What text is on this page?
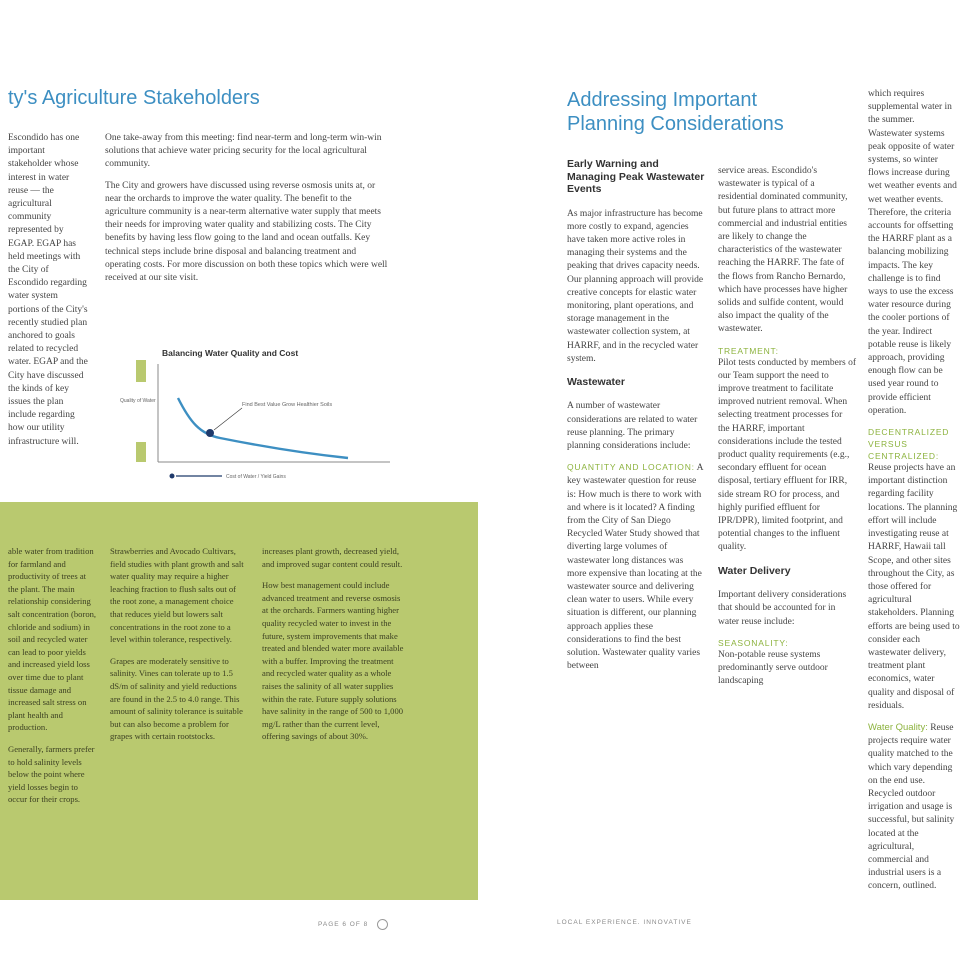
ty's Agriculture Stakeholders

Escondido has one important stakeholder whose interest in water reuse — the agricultural community represented by EGAP. EGAP has held meetings with the City of Escondido regarding water system portions of the City's recently studied plan anchored to goals related to recycled water. EGAP and the City have discussed the kinds of key issues the plan include regarding how our utility infrastructure will.

One take-away from this meeting: find near-term and long-term win-win solutions that achieve water pricing security for the local agricultural community.

The City and growers have discussed using reverse osmosis units at, or near the orchards to improve the water quality. The benefit to the agriculture community is a near-term alternative water supply that meets their needs for improving water quality and stabilizing costs. The City benefits by having less flow going to the land and ocean outfalls. Key technical steps include brine disposal and balancing treatment and operating costs. For more discussion on both these topics which were well received at our site visit.

Balancing Water Quality and Cost
Quality of Water
Find Best Value Grow Healthier Soils
Cost of Water / Yield Gains

able water from tradition for farmland and productivity of trees at the plant. The main relationship considering salt concentration (boron, chloride and sodium) in soil and recycled water can lead to poor yields and increased yield loss over time due to plant tissue damage and increased salt stress on plant health and production.

Generally, farmers prefer to hold salinity levels below the point where yield losses begin to occur for their crops.

Strawberries and Avocado Cultivars, field studies with plant growth and salt water quality may require a higher leaching fraction to flush salts out of the root zone, a management choice that reduces yield but lowers salt concentrations in the root zone to a level within tolerance, respectively.

Grapes are moderately sensitive to salinity. Vines can tolerate up to 1.5 dS/m of salinity and yield reductions are found in the 2.5 to 4.0 range. This amount of salinity tolerance is suitable but can also become a problem for grapes with certain rootstocks.

increases plant growth, decreased yield, and improved sugar content could result.

How best management could include advanced treatment and reverse osmosis at the orchards. Farmers wanting higher quality recycled water to invest in the future, system improvements that make treated and blended water more available with a buffer. Improving the treatment and recycled water quality as a whole raises the salinity of all water supplies within the rate. Future supply solutions have salinity in the range of 500 to 1,000 mg/L rather than the current level, offering savings of about 30%.

PAGE 6 OF 8
Addressing Important
Planning Considerations
Early Warning and Managing Peak Wastewater Events

As major infrastructure has become more costly to expand, agencies have taken more active roles in managing their systems and the peaking that drives capacity needs. Our planning approach will provide creative concepts for elastic water monitoring, plant operations, and storage management in the wastewater collection system, at HARRF, and in the recycled water system.

Wastewater

A number of wastewater considerations are related to water reuse planning. The primary planning considerations include:

QUANTITY AND LOCATION: A key wastewater question for reuse is: How much is there to work with and where is it located? A finding from the City of San Diego Recycled Water Study showed that diverting large volumes of wastewater long distances was more expensive than locating at the wastewater source and delivering clean water to users. While every situation is different, our planning approach applies these considerations to find the best solution. Wastewater quality varies between

service areas. Escondido's wastewater is typical of a residential dominated community, but future plans to attract more commercial and industrial entities are likely to change the characteristics of the wastewater reaching the HARRF. The fate of the flows from Rancho Bernardo, which have processes have higher solids and sulfide content, would also impact the quality of the wastewater.

TREATMENT:

Pilot tests conducted by members of our Team support the need to improve treatment to facilitate improved nutrient removal. When selecting treatment processes for the HARRF, important considerations include the tested product quality requirements (e.g., secondary effluent for ocean disposal, tertiary effluent for IRR, side stream RO for process, and highly purified effluent for IPR/DPR), limited footprint, and potential changes to the influent quality.

Water Delivery

Important delivery considerations that should be accounted for in water reuse include:

SEASONALITY:

Non-potable reuse systems predominantly serve outdoor landscaping

which requires supplemental water in the summer. Wastewater systems peak opposite of water systems, so winter flows increase during wet weather events and wet weather events. Therefore, the criteria accounts for offsetting the HARRF plant as a balancing mobilizing impacts. The key challenge is to find ways to use the excess water resource during the cooler portions of the year. Indirect potable reuse is likely approach, providing enough flow can be used year round to provide efficient operation.

DECENTRALIZED VERSUS CENTRALIZED:

Reuse projects have an important distinction regarding facility locations. The planning effort will include investigating reuse at HARRF, Hawaii tall Scope, and other sites throughout the City, as those offered for agricultural stakeholders. Planning efforts are being used to consider each wastewater delivery, treatment plant economics, water quality and disposal of residuals.

Water Quality: Reuse projects require water quality matched to the which vary depending on the end use. Recycled outdoor irrigation and usage is successful, but salinity located at the agricultural, commercial and industrial users is a concern, outlined.

LOCAL EXPERIENCE. INNOVATIVE
